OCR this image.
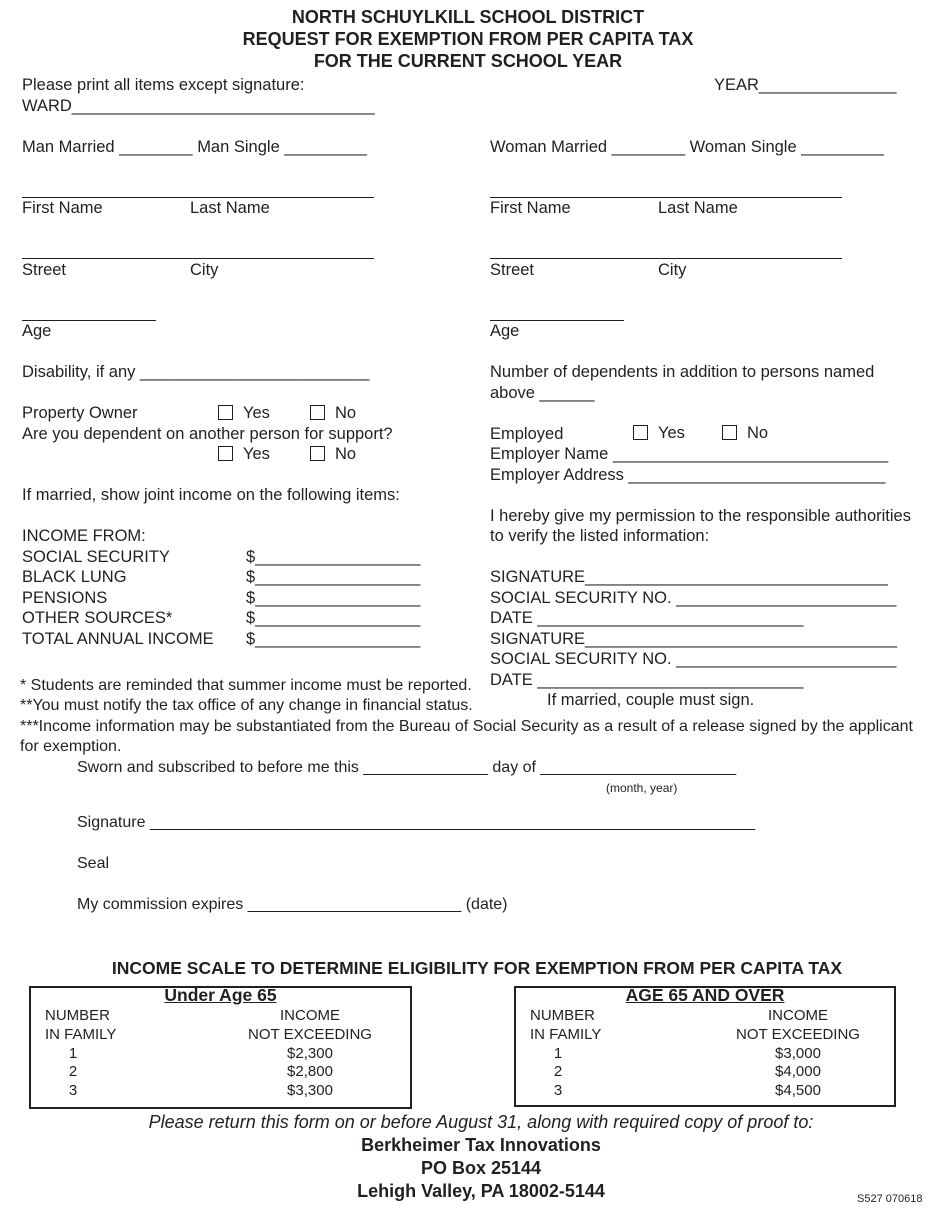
NORTH SCHUYLKILL SCHOOL DISTRICT
REQUEST FOR EXEMPTION FROM PER CAPITA TAX
FOR THE CURRENT SCHOOL YEAR
Please print all items except signature:	YEAR_______________
WARD_________________________________
Man Married ________ Man Single _________
First Name	Last Name
Street	City
Age
Disability, if any _________________________
Woman Married ________ Woman Single _________
First Name	Last Name
Street	City
Age
Number of dependents in addition to persons named
above ______
Property Owner	Yes	No
Are you dependent on another person for support?
Yes	No
Employed	Yes	No
Employer Name ______________________________
Employer Address ____________________________
If married, show joint income on the following items:
INCOME FROM:
SOCIAL SECURITY	$__________________
BLACK LUNG	$__________________
PENSIONS	$__________________
OTHER SOURCES*	$__________________
TOTAL ANNUAL INCOME $__________________
I hereby give my permission to the responsible authorities
to verify the listed information:
SIGNATURE_________________________________
SOCIAL SECURITY NO. ________________________
DATE _____________________________
SIGNATURE__________________________________
SOCIAL SECURITY NO. ________________________
DATE _____________________________
If married, couple must sign.
* Students are reminded that summer income must be reported.
**You must notify the tax office of any change in financial status.
***Income information may be substantiated from the Bureau of Social Security as a result of a release signed by the applicant
for exemption.
Sworn and subscribed to before me this ______________ day of ______________________
(month, year)
Signature ____________________________________________________________________
Seal
My commission expires ________________________ (date)
INCOME SCALE TO DETERMINE ELIGIBILITY FOR EXEMPTION FROM PER CAPITA TAX
Under Age 65
NUMBER	INCOME
IN FAMILY	NOT EXCEEDING
1	$2,300
2	$2,800
3	$3,300
AGE 65 AND OVER
NUMBER	INCOME
IN FAMILY	NOT EXCEEDING
1	$3,000
2	$4,000
3	$4,500
Please return this form on or before August 31, along with required copy of proof to:
Berkheimer Tax Innovations
PO Box 25144
Lehigh Valley, PA 18002-5144	S527 070618
